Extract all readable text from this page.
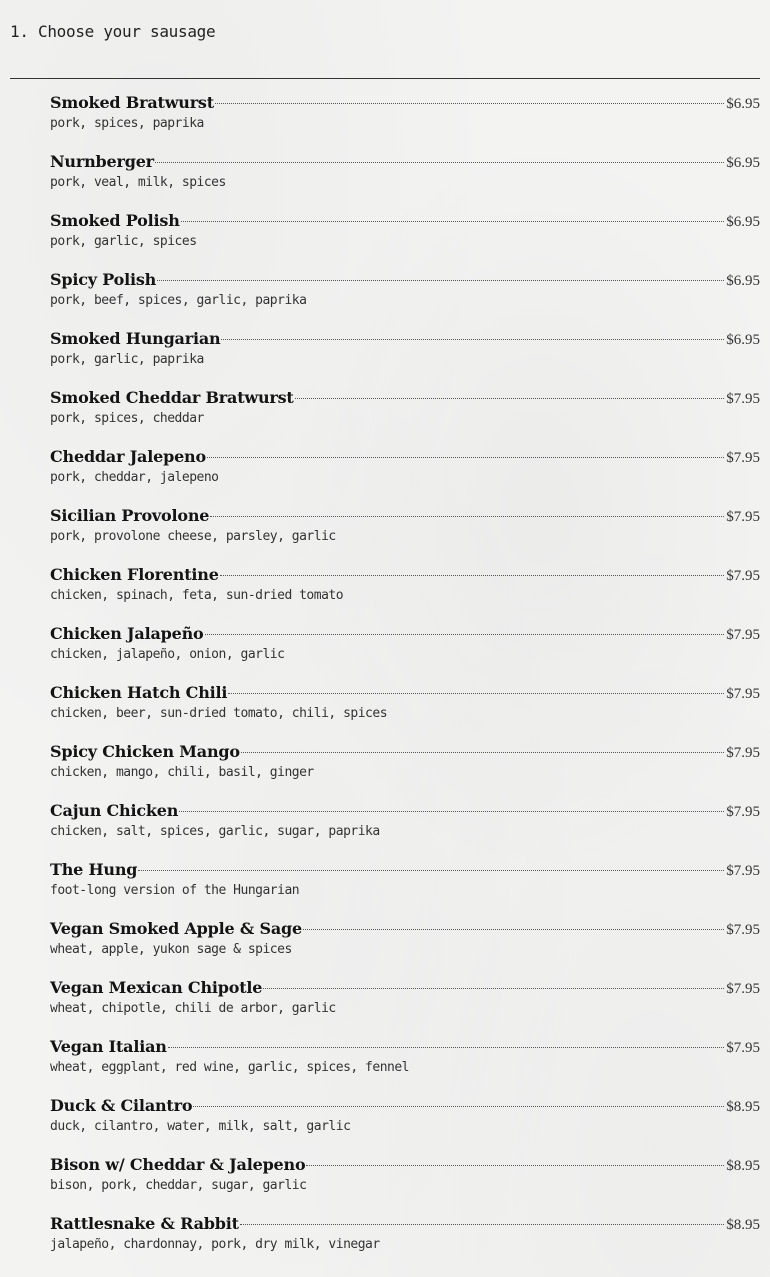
1. Choose your sausage
Smoked Bratwurst	$6.95
pork, spices, paprika
Nurnberger	$6.95
pork, veal, milk, spices
Smoked Polish	$6.95
pork, garlic, spices
Spicy Polish	$6.95
pork, beef, spices, garlic, paprika
Smoked Hungarian	$6.95
pork, garlic, paprika
Smoked Cheddar Bratwurst	$7.95
pork, spices, cheddar
Cheddar Jalepeno	$7.95
pork, cheddar, jalepeno
Sicilian Provolone	$7.95
pork, provolone cheese, parsley, garlic
Chicken Florentine	$7.95
chicken, spinach, feta, sun-dried tomato
Chicken Jalapeño	$7.95
chicken, jalapeño, onion, garlic
Chicken Hatch Chili	$7.95
chicken, beer, sun-dried tomato, chili, spices
Spicy Chicken Mango	$7.95
chicken, mango, chili, basil, ginger
Cajun Chicken	$7.95
chicken, salt, spices, garlic, sugar, paprika
The Hung	$7.95
foot-long version of the Hungarian
Vegan Smoked Apple & Sage	$7.95
wheat, apple, yukon sage & spices
Vegan Mexican Chipotle	$7.95
wheat, chipotle, chili de arbor, garlic
Vegan Italian	$7.95
wheat, eggplant, red wine, garlic, spices, fennel
Duck & Cilantro	$8.95
duck, cilantro, water, milk, salt, garlic
Bison w/ Cheddar & Jalepeno	$8.95
bison, pork, cheddar, sugar, garlic
Rattlesnake & Rabbit	$8.95
jalapeño, chardonnay, pork, dry milk, vinegar
